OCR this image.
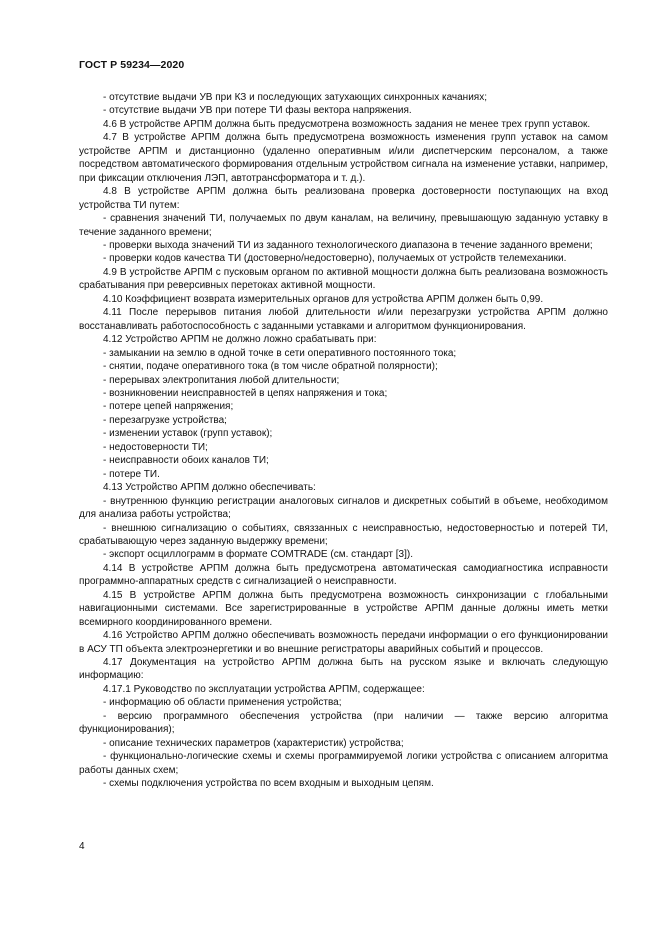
ГОСТ Р 59234—2020

- отсутствие выдачи УВ при КЗ и последующих затухающих синхронных качаниях;

- отсутствие выдачи УВ при потере ТИ фазы вектора напряжения.

4.6 В устройстве АРПМ должна быть предусмотрена возможность задания не менее трех групп уставок.

4.7 В устройстве АРПМ должна быть предусмотрена возможность изменения групп уставок на самом устройстве АРПМ и дистанционно (удаленно оперативным и/или диспетчерским персоналом, а также посредством автоматического формирования отдельным устройством сигнала на изменение уставки, например, при фиксации отключения ЛЭП, автотрансформатора и т. д.).

4.8 В устройстве АРПМ должна быть реализована проверка достоверности поступающих на вход устройства ТИ путем:

- сравнения значений ТИ, получаемых по двум каналам, на величину, превышающую заданную уставку в течение заданного времени;

- проверки выхода значений ТИ из заданного технологического диапазона в течение заданного времени;

- проверки кодов качества ТИ (достоверно/недостоверно), получаемых от устройств телемеханики.

4.9 В устройстве АРПМ с пусковым органом по активной мощности должна быть реализована возможность срабатывания при реверсивных перетоках активной мощности.

4.10 Коэффициент возврата измерительных органов для устройства АРПМ должен быть 0,99.

4.11 После перерывов питания любой длительности и/или перезагрузки устройства АРПМ должно восстанавливать работоспособность с заданными уставками и алгоритмом функционирования.

4.12 Устройство АРПМ не должно ложно срабатывать при:

- замыкании на землю в одной точке в сети оперативного постоянного тока;

- снятии, подаче оперативного тока (в том числе обратной полярности);

- перерывах электропитания любой длительности;

- возникновении неисправностей в цепях напряжения и тока;

- потере цепей напряжения;

- перезагрузке устройства;

- изменении уставок (групп уставок);

- недостоверности ТИ;

- неисправности обоих каналов ТИ;

- потере ТИ.

4.13 Устройство АРПМ должно обеспечивать:

- внутреннюю функцию регистрации аналоговых сигналов и дискретных событий в объеме, необходимом для анализа работы устройства;

- внешнюю сигнализацию о событиях, связзанных с неисправностью, недостоверностью и потерей ТИ, срабатывающую через заданную выдержку времени;

- экспорт осциллограмм в формате COMTRADE (см. стандарт [3]).

4.14 В устройстве АРПМ должна быть предусмотрена автоматическая самодиагностика исправности программно-аппаратных средств с сигнализацией о неисправности.

4.15 В устройстве АРПМ должна быть предусмотрена возможность синхронизации с глобальными навигационными системами. Все зарегистрированные в устройстве АРПМ данные должны иметь метки всемирного координированного времени.

4.16 Устройство АРПМ должно обеспечивать возможность передачи информации о его функционировании в АСУ ТП объекта электроэнергетики и во внешние регистраторы аварийных событий и процессов.

4.17 Документация на устройство АРПМ должна быть на русском языке и включать следующую информацию:

4.17.1 Руководство по эксплуатации устройства АРПМ, содержащее:

- информацию об области применения устройства;

- версию программного обеспечения устройства (при наличии — также версию алгоритма функционирования);

- описание технических параметров (характеристик) устройства;

- функционально-логические схемы и схемы программируемой логики устройства с описанием алгоритма работы данных схем;

- схемы подключения устройства по всем входным и выходным цепям.

4
